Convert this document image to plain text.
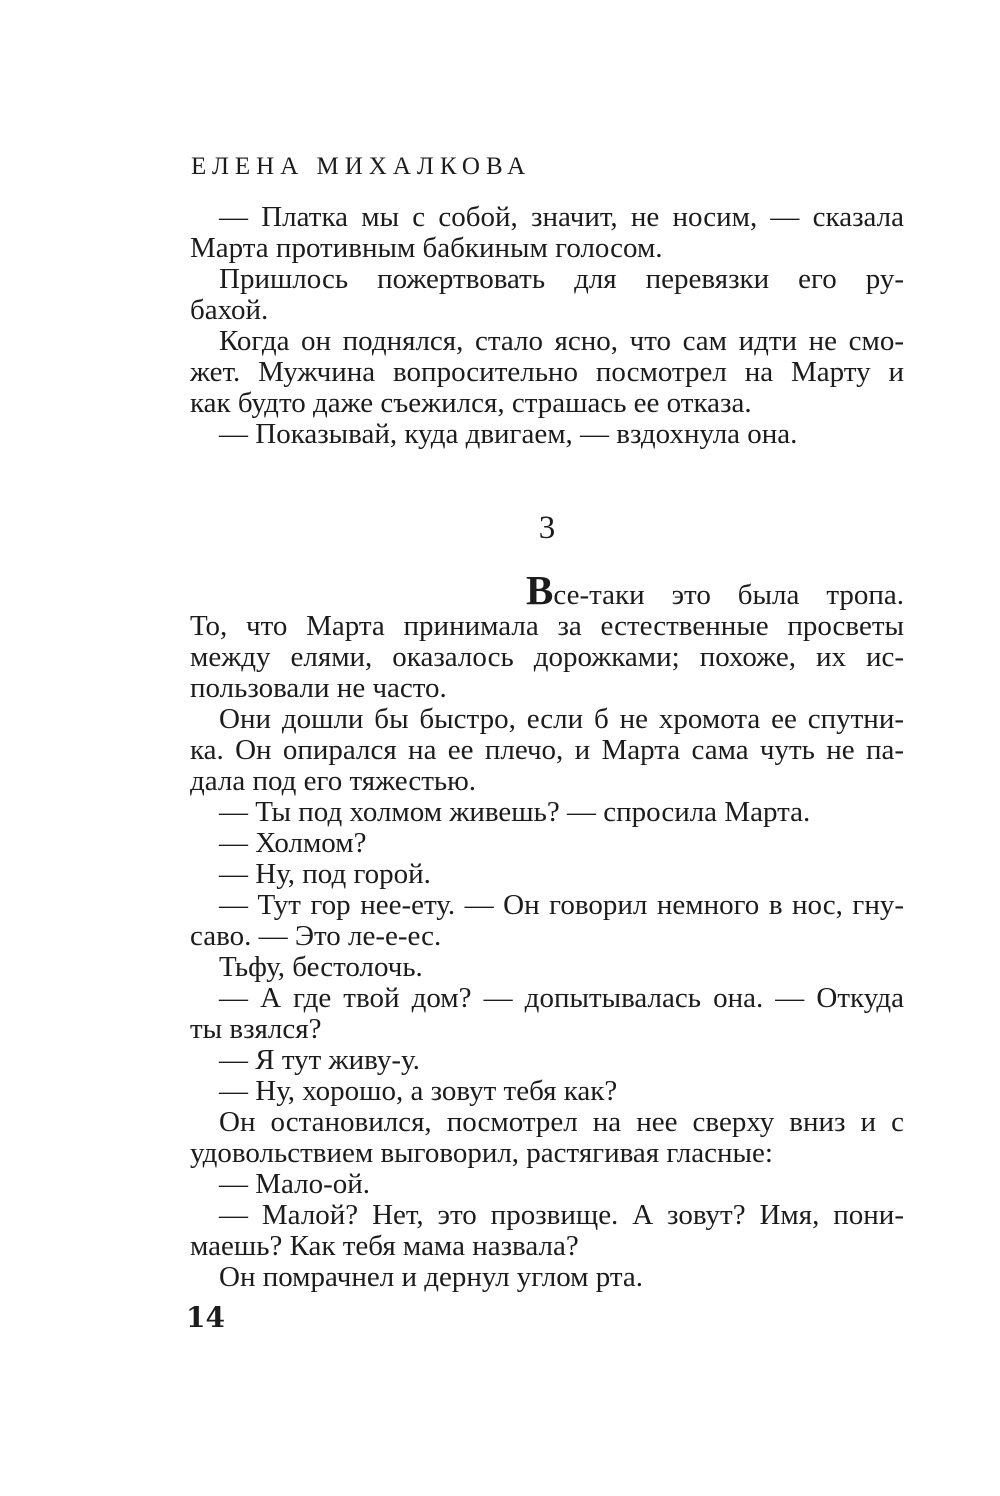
ЕЛЕНА МИХАЛКОВА
— Платка мы с собой, значит, не носим, — сказала
Марта противным бабкиным голосом.
Пришлось пожертвовать для перевязки его ру-
бахой.
Когда он поднялся, стало ясно, что сам идти не смо-
жет. Мужчина вопросительно посмотрел на Марту и
как будто даже съежился, страшась ее отказа.
— Показывай, куда двигаем, — вздохнула она.
3
Все-таки это была тропа.
То, что Марта принимала за естественные просветы
между елями, оказалось дорожками; похоже, их ис-
пользовали не часто.
Они дошли бы быстро, если б не хромота ее спутни-
ка. Он опирался на ее плечо, и Марта сама чуть не па-
дала под его тяжестью.
— Ты под холмом живешь? — спросила Марта.
— Холмом?
— Ну, под горой.
— Тут гор нее-ету. — Он говорил немного в нос, гну-
саво. — Это ле-е-ес.
Тьфу, бестолочь.
— А где твой дом? — допытывалась она. — Откуда
ты взялся?
— Я тут живу-у.
— Ну, хорошо, а зовут тебя как?
Он остановился, посмотрел на нее сверху вниз и с
удовольствием выговорил, растягивая гласные:
— Мало-ой.
— Малой? Нет, это прозвище. А зовут? Имя, пони-
маешь? Как тебя мама назвала?
Он помрачнел и дернул углом рта.
14
